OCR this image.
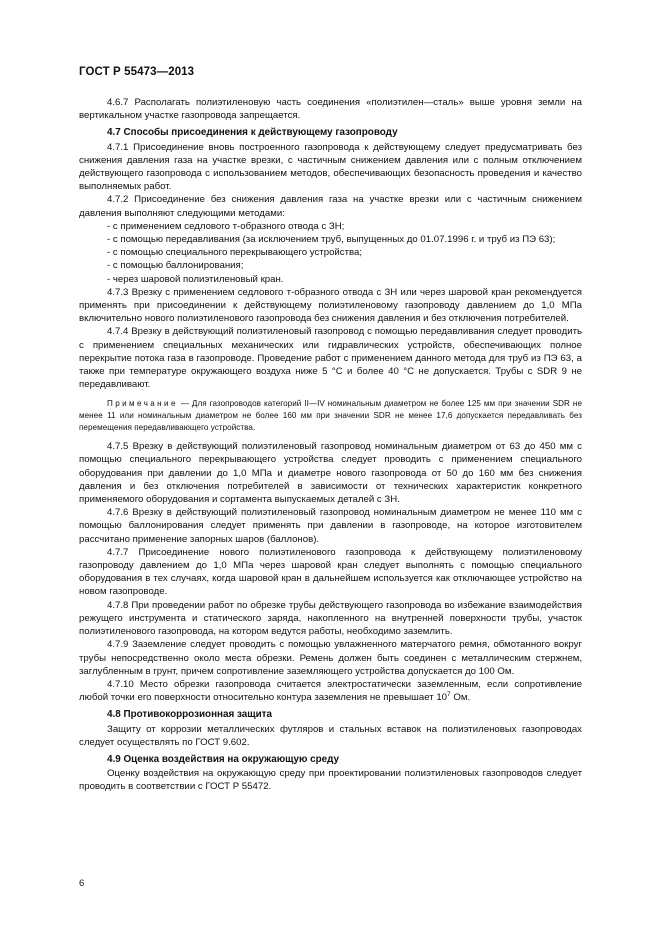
ГОСТ Р 55473—2013

4.6.7 Располагать полиэтиленовую часть соединения «полиэтилен—сталь» выше уровня земли на вертикальном участке газопровода запрещается.

4.7 Способы присоединения к действующему газопроводу

4.7.1 Присоединение вновь построенного газопровода к действующему следует предусматривать без снижения давления газа на участке врезки, с частичным снижением давления или с полным отключением действующего газопровода с использованием методов, обеспечивающих безопасность проведения и качество выполняемых работ.

4.7.2 Присоединение без снижения давления газа на участке врезки или с частичным снижением давления выполняют следующими методами:

- с применением седлового т-образного отвода с ЗН;
- с помощью передавливания (за исключением труб, выпущенных до 01.07.1996 г. и труб из ПЭ 63);
- с помощью специального перекрывающего устройства;
- с помощью баллонирования;
- через шаровой полиэтиленовый кран.

4.7.3 Врезку с применением седлового т-образного отвода с ЗН или через шаровой кран рекомендуется применять при присоединении к действующему полиэтиленовому газопроводу давлением до 1,0 МПа включительно нового полиэтиленового газопровода без снижения давления и без отключения потребителей.

4.7.4 Врезку в действующий полиэтиленовый газопровод с помощью передавливания следует проводить с применением специальных механических или гидравлических устройств, обеспечивающих полное перекрытие потока газа в газопроводе. Проведение работ с применением данного метода для труб из ПЭ 63, а также при температуре окружающего воздуха ниже 5 °С и более 40 °С не допускается. Трубы с SDR 9 не передавливают.

Примечание — Для газопроводов категорий II—IV номинальным диаметром не более 125 мм при значении SDR не менее 11 или номинальным диаметром не более 160 мм при значении SDR не менее 17,6 допускается передавливать без перемещения передавливающего устройства.

4.7.5 Врезку в действующий полиэтиленовый газопровод номинальным диаметром от 63 до 450 мм с помощью специального перекрывающего устройства следует проводить с применением специального оборудования при давлении до 1,0 МПа и диаметре нового газопровода от 50 до 160 мм без снижения давления и без отключения потребителей в зависимости от технических характеристик конкретного применяемого оборудования и сортамента выпускаемых деталей с ЗН.

4.7.6 Врезку в действующий полиэтиленовый газопровод номинальным диаметром не менее 110 мм с помощью баллонирования следует применять при давлении в газопроводе, на которое изготовителем рассчитано применение запорных шаров (баллонов).

4.7.7 Присоединение нового полиэтиленового газопровода к действующему полиэтиленовому газопроводу давлением до 1,0 МПа через шаровой кран следует выполнять с помощью специального оборудования в тех случаях, когда шаровой кран в дальнейшем используется как отключающее устройство на новом газопроводе.

4.7.8 При проведении работ по обрезке трубы действующего газопровода во избежание взаимодействия режущего инструмента и статического заряда, накопленного на внутренней поверхности трубы, участок полиэтиленового газопровода, на котором ведутся работы, необходимо заземлить.

4.7.9 Заземление следует проводить с помощью увлажненного матерчатого ремня, обмотанного вокруг трубы непосредственно около места обрезки. Ремень должен быть соединен с металлическим стержнем, заглубленным в грунт, причем сопротивление заземляющего устройства допускается до 100 Ом.

4.7.10 Место обрезки газопровода считается электростатически заземленным, если сопротивление любой точки его поверхности относительно контура заземления не превышает $10^7$ Ом.

4.8 Противокоррозионная защита

Защиту от коррозии металлических футляров и стальных вставок на полиэтиленовых газопроводах следует осуществлять по ГОСТ 9.602.

4.9 Оценка воздействия на окружающую среду

Оценку воздействия на окружающую среду при проектировании полиэтиленовых газопроводов следует проводить в соответствии с ГОСТ Р 55472.

6
